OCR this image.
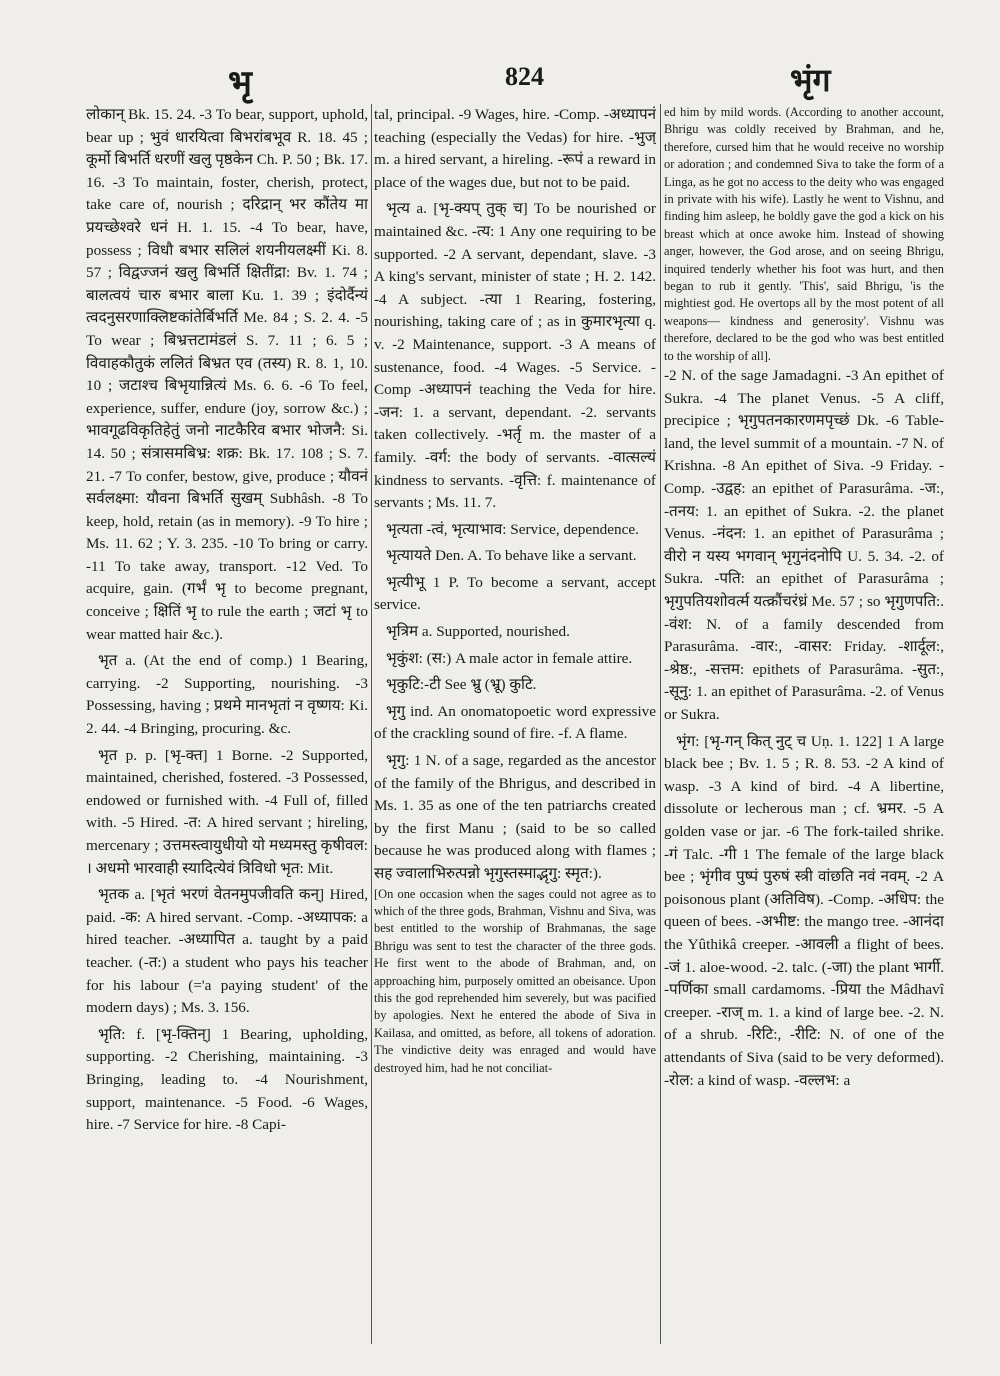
भृ	824	भृंग

लोकान् Bk. 15. 24. -3 To bear, support, uphold, bear up ; भुवं धारयित्वा बिभरांबभूव R. 18. 45 ; कूर्मो बिभर्ति धरणीं खलु पृष्ठकेन Ch. P. 50 ; Bk. 17. 16. -3 To maintain, foster, cherish, protect, take care of, nourish ; दरिद्रान् भर कौंतेय मा प्रयच्छेश्वरे धनं H. 1. 15. -4 To bear, have, possess ; विधौ बभार सलिलं शयनीयलक्ष्मीं Ki. 8. 57 ; विद्वज्जनं खलु बिभर्ति क्षितींद्रा: Bv. 1. 74 ; बालत्वयं चारु बभार बाला Ku. 1. 39 ; इंदोर्दैन्यं त्वदनुसरणाक्लिष्टकांतेर्बिभर्ति Me. 84 ; S. 2. 4. -5 To wear ; बिभ्रत्तटामंडलं S. 7. 11 ; 6. 5 ; विवाहकौतुकं ललितं बिभ्रत एव (तस्य) R. 8. 1, 10. 10 ; जटाश्च बिभृयान्नित्यं Ms. 6. 6. -6 To feel, experience, suffer, endure (joy, sorrow &c.) ; भावगूढविकृतिहेतुं जनो नाटकैरिव बभार भोजनै: Si. 14. 50 ; संत्रासमबिभ्र: शक्र: Bk. 17. 108 ; S. 7. 21. -7 To confer, bestow, give, produce ; यौवनं सर्वलक्ष्मा: यौवना बिभर्ति सुखम् Subhâsh. -8 To keep, hold, retain (as in memory). -9 To hire ; Ms. 11. 62 ; Y. 3. 235. -10 To bring or carry. -11 To take away, transport. -12 Ved. To acquire, gain. (गर्भं भृ to become pregnant, conceive ; क्षितिं भृ to rule the earth ; जटां भृ to wear matted hair &c.).

भृत a. (At the end of comp.) 1 Bearing, carrying. -2 Supporting, nourishing. -3 Possessing, having ; प्रथमे मानभृतां न वृष्णय: Ki. 2. 44. -4 Bringing, procuring. &c.

भृत p. p. [भृ-क्त] 1 Borne. -2 Supported, maintained, cherished, fostered. -3 Possessed, endowed or furnished with. -4 Full of, filled with. -5 Hired. -त: A hired servant ; hireling, mercenary ; उत्तमस्त्वायुधीयो यो मध्यमस्तु कृषीवल: । अधमो भारवाही स्यादित्येवं त्रिविधो भृत: Mit.

भृतक a. [भृतं भरणं वेतनमुपजीवति कन्] Hired, paid. -क: A hired servant. -Comp. -अध्यापक: a hired teacher. -अध्यापित a. taught by a paid teacher. (-त:) a student who pays his teacher for his labour (='a paying student' of the modern days) ; Ms. 3. 156.

भृति: f. [भृ-क्तिन्] 1 Bearing, upholding, supporting. -2 Cherishing, maintaining. -3 Bringing, leading to. -4 Nourishment, support, maintenance. -5 Food. -6 Wages, hire. -7 Service for hire. -8 Capi-

tal, principal. -9 Wages, hire. -Comp. -अध्यापनं teaching (especially the Vedas) for hire. -भुज् m. a hired servant, a hireling. -रूपं a reward in place of the wages due, but not to be paid.

भृत्य a. [भृ-क्यप् तुक् च] To be nourished or maintained &c. -त्य: 1 Any one requiring to be supported. -2 A servant, dependant, slave. -3 A king's servant, minister of state ; H. 2. 142. -4 A subject. -त्या 1 Rearing, fostering, nourishing, taking care of ; as in कुमारभृत्या q. v. -2 Maintenance, support. -3 A means of sustenance, food. -4 Wages. -5 Service. -Comp -अध्यापनं teaching the Veda for hire. -जन: 1. a servant, dependant. -2. servants taken collectively. -भर्तृ m. the master of a family. -वर्ग: the body of servants. -वात्सल्यं kindness to servants. -वृत्ति: f. maintenance of servants ; Ms. 11. 7.

भृत्यता -त्वं, भृत्याभाव: Service, dependence.

भृत्यायते Den. A. To behave like a servant.

भृत्यीभू 1 P. To become a servant, accept service.

भृत्रिम a. Supported, nourished.

भृकुंश: (स:) A male actor in female attire.

भृकुटि:-टी See भ्रु (भ्रू) कुटि.

भृगु ind. An onomatopoetic word expressive of the crackling sound of fire. -f. A flame.

भृगु: 1 N. of a sage, regarded as the ancestor of the family of the Bhrigus, and described in Ms. 1. 35 as one of the ten patriarchs created by the first Manu ; (said to be so called because he was produced along with flames ; सह ज्वालाभिरुत्पन्नो भृगुस्तस्माद्भृगु: स्मृत:).

[On one occasion when the sages could not agree as to which of the three gods, Brahman, Vishnu and Siva, was best entitled to the worship of Brahmanas, the sage Bhrigu was sent to test the character of the three gods. He first went to the abode of Brahman, and, on approaching him, purposely omitted an obeisance. Upon this the god reprehended him severely, but was pacified by apologies. Next he entered the abode of Siva in Kailasa, and omitted, as before, all tokens of adoration. The vindictive deity was enraged and would have destroyed him, had he not conciliat-

ed him by mild words. (According to another account, Bhrigu was coldly received by Brahman, and he, therefore, cursed him that he would receive no worship or adoration ; and condemned Siva to take the form of a Linga, as he got no access to the deity who was engaged in private with his wife). Lastly he went to Vishnu, and finding him asleep, he boldly gave the god a kick on his breast which at once awoke him. Instead of showing anger, however, the God arose, and on seeing Bhrigu, inquired tenderly whether his foot was hurt, and then began to rub it gently. 'This', said Bhrigu, 'is the mightiest god. He overtops all by the most potent of all weapons— kindness and generosity'. Vishnu was therefore, declared to be the god who was best entitled to the worship of all].

-2 N. of the sage Jamadagni. -3 An epithet of Sukra. -4 The planet Venus. -5 A cliff, precipice ; भृगुपतनकारणमपृच्छं Dk. -6 Table-land, the level summit of a mountain. -7 N. of Krishna. -8 An epithet of Siva. -9 Friday. -Comp. -उद्वह: an epithet of Parasurâma. -ज:, -तनय: 1. an epithet of Sukra. -2. the planet Venus. -नंदन: 1. an epithet of Parasurâma ; वीरो न यस्य भगवान् भृगुनंदनोपि U. 5. 34. -2. of Sukra. -पति: an epithet of Parasurâma ; भृगुपतियशोवर्त्म यत्क्रौंचरंध्रं Me. 57 ; so भृगुणपति:. -वंश: N. of a family descended from Parasurâma. -वार:, -वासर: Friday. -शार्दूल:, -श्रेष्ठ:, -सत्तम: epithets of Parasurâma. -सुत:, -सूनु: 1. an epithet of Parasurâma. -2. of Venus or Sukra.

भृंग: [भृ-गन् कित् नुट् च Uṇ. 1. 122] 1 A large black bee ; Bv. 1. 5 ; R. 8. 53. -2 A kind of wasp. -3 A kind of bird. -4 A libertine, dissolute or lecherous man ; cf. भ्रमर. -5 A golden vase or jar. -6 The fork-tailed shrike. -गं Talc. -गी 1 The female of the large black bee ; भृंगीव पुष्पं पुरुषं स्त्री वांछति नवं नवम्. -2 A poisonous plant (अतिविष). -Comp. -अधिप: the queen of bees. -अभीष्ट: the mango tree. -आनंदा the Yûthikâ creeper. -आवली a flight of bees. -जं 1. aloe-wood. -2. talc. (-जा) the plant भार्गी. -पर्णिका small cardamoms. -प्रिया the Mâdhavî creeper. -राज् m. 1. a kind of large bee. -2. N. of a shrub. -रिटि:, -रीटि: N. of one of the attendants of Siva (said to be very deformed). -रोल: a kind of wasp. -वल्लभ: a
